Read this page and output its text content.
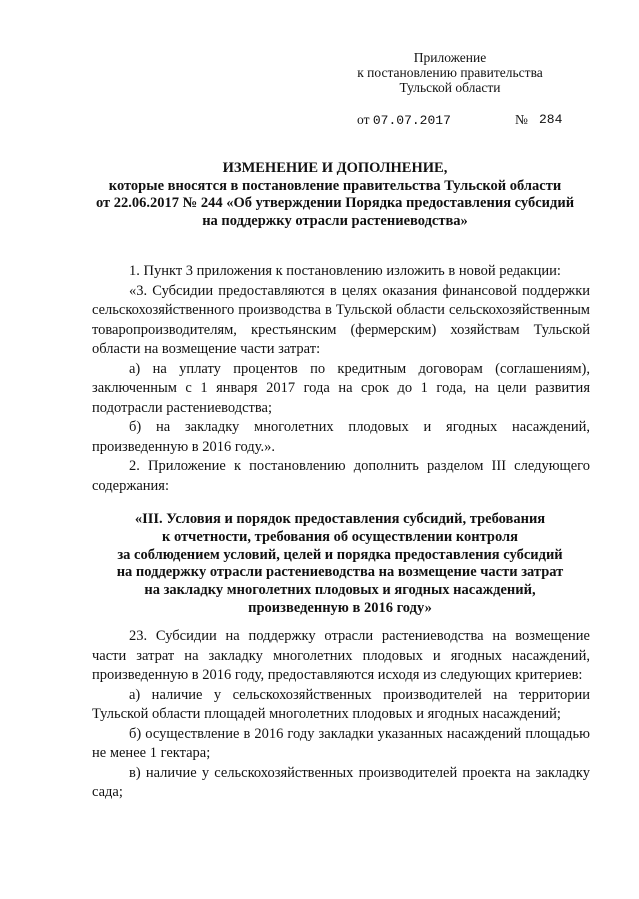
Приложение
к постановлению правительства
Тульской области
от 07.07.2017	№ 284
ИЗМЕНЕНИЕ И ДОПОЛНЕНИЕ,
которые вносятся в постановление правительства Тульской области
от 22.06.2017 № 244 «Об утверждении Порядка предоставления субсидий
на поддержку отрасли растениеводства»

1. Пункт 3 приложения к постановлению изложить в новой редакции:

«3. Субсидии предоставляются в целях оказания финансовой поддержки сельскохозяйственного производства в Тульской области сельскохозяйственным товаропроизводителям, крестьянским (фермерским) хозяйствам Тульской области на возмещение части затрат:

а) на уплату процентов по кредитным договорам (соглашениям), заключенным с 1 января 2017 года на срок до 1 года, на цели развития подотрасли растениеводства;

б) на закладку многолетних плодовых и ягодных насаждений, произведенную в 2016 году.».

2. Приложение к постановлению дополнить разделом III следующего содержания:

«III. Условия и порядок предоставления субсидий, требования
к отчетности, требования об осуществлении контроля
за соблюдением условий, целей и порядка предоставления субсидий
на поддержку отрасли растениеводства на возмещение части затрат
на закладку многолетних плодовых и ягодных насаждений,
произведенную в 2016 году»

23. Субсидии на поддержку отрасли растениеводства на возмещение части затрат на закладку многолетних плодовых и ягодных насаждений, произведенную в 2016 году, предоставляются исходя из следующих критериев:

а) наличие у сельскохозяйственных производителей на территории Тульской области площадей многолетних плодовых и ягодных насаждений;

б) осуществление в 2016 году закладки указанных насаждений площадью не менее 1 гектара;

в) наличие у сельскохозяйственных производителей проекта на закладку сада;
